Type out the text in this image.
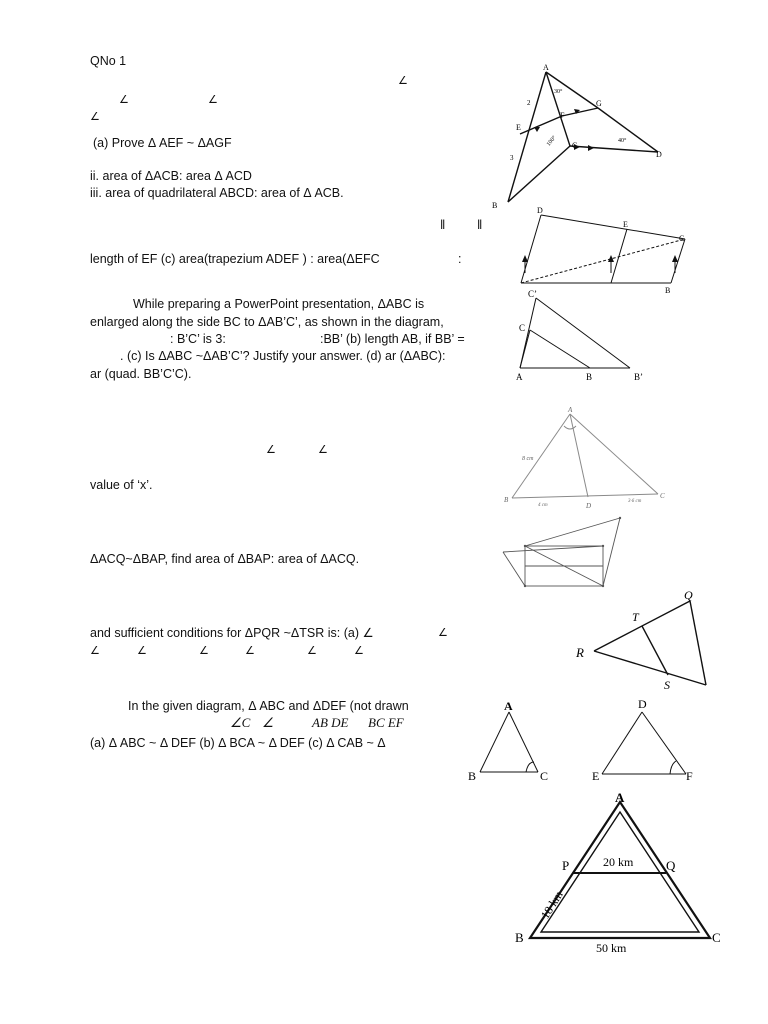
QNo 1
∠
∠	∠
∠
(a) Prove Δ AEF ~ ΔAGF
ii. area of ΔACB: area Δ ACD
iii. area of quadrilateral ABCD: area of Δ ACB.
ǁ ǁ
length of EF (c) area(trapezium ADEF ) : area(ΔEFC	:
While preparing a PowerPoint presentation, ΔABC is
enlarged along the side BC to ΔAB’C’, as shown in the diagram,
: B’C’ is 3:	:BB’ (b) length AB, if BB’ =
. (c) Is ΔABC ~ΔAB’C’? Justify your answer. (d) ar (ΔABC):
ar (quad. BB’C’C).
∠	∠
value of ‘x’.
ΔACQ~ΔBAP, find area of ΔBAP: area of ΔACQ.
and sufficient conditions for ΔPQR ~ΔTSR is: (a) ∠	∠
∠	∠	∠	∠	∠	∠
In the given diagram, Δ ABC and ΔDEF (not drawn
∠C ∠	AB DE BC EF
(a) Δ ABC ~ Δ DEF (b) Δ BCA ~ Δ DEF (c) Δ CAB ~ Δ
A
B
C
D
E
F
G
2
3
30°
40°
100°
D
E
C
B
A	B	B’
C
C’
A
B	C
D
8 cm
4 cm
3·6 cm
R
T
Q
S
A
B	C
D
E	F
A
B	C
P	Q
20 km
18 km
50 km
